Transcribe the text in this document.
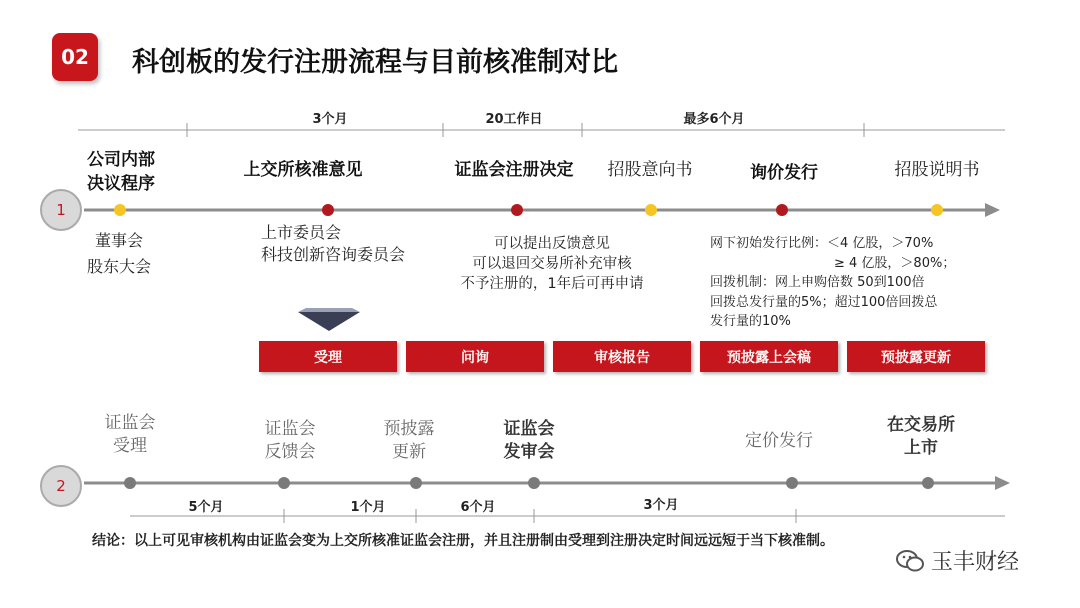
02	科创板的发行注册流程与目前核准制对比
3个月	20工作日	最多6个月
1
公司内部
决议程序
上交所核准意见	证监会注册决定 招股意向书	询价发行	招股说明书
董事会
股东大会
上市委员会
科技创新咨询委员会
可以提出反馈意见
可以退回交易所补充审核
不予注册的，1年后可再申请
网下初始发行比例：＜4 亿股，＞70%
≥ 4 亿股，＞80%；
回拨机制：网上申购倍数 50到100倍
回拨总发行量的5%；超过100倍回拨总
发行量的10%
受理	问询	审核报告	预披露上会稿	预披露更新
2
证监会
受理
证监会
反馈会
预披露
更新
证监会
发审会
定价发行
在交易所
上市
5个月	1个月	6个月	3个月
结论：以上可见审核机构由证监会变为上交所核准证监会注册，并且注册制由受理到注册决定时间远远短于当下核准制。
玉丰财经
